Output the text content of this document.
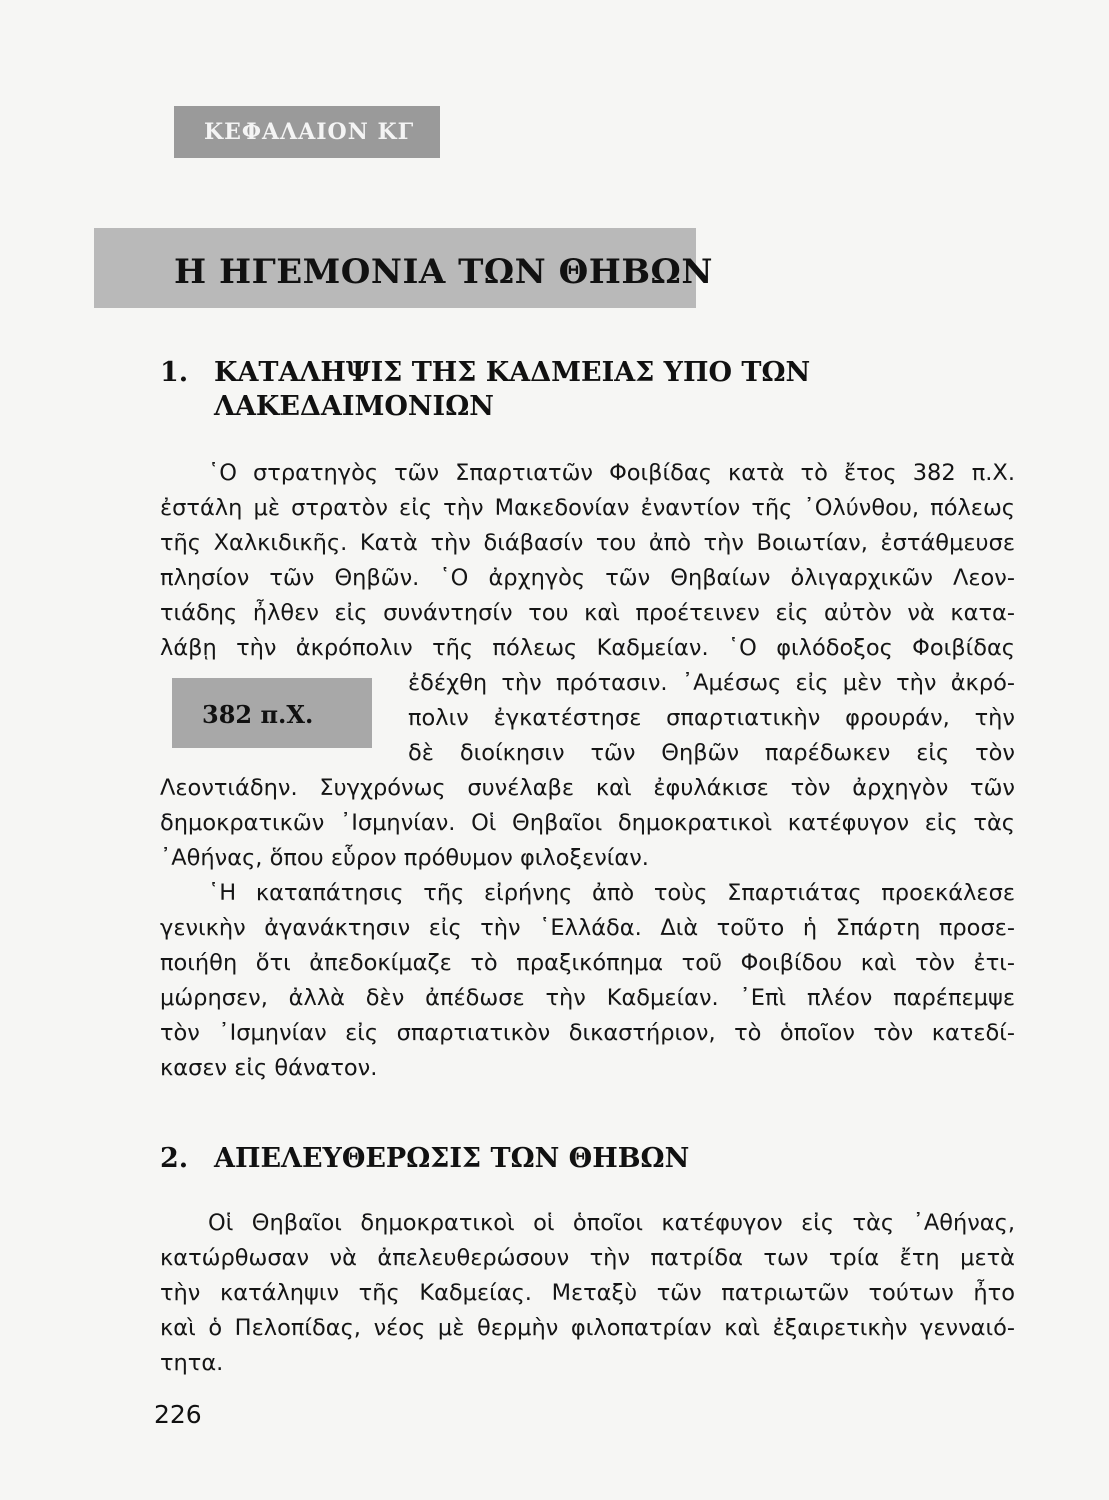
ΚΕΦΑΛΑΙΟΝ ΚΓ
Η ΗΓΕΜΟΝΙΑ ΤΩΝ ΘΗΒΩΝ
1. ΚΑΤΑΛΗΨΙΣ ΤΗΣ ΚΑΔΜΕΙΑΣ ΥΠΟ ΤΩΝ
ΛΑΚΕΔΑΙΜΟΝΙΩΝ
῾Ο στρατηγὸς τῶν Σπαρτιατῶν Φοιβίδας κατὰ τὸ ἔτος 382 π.Χ.
ἐστάλη μὲ στρατὸν εἰς τὴν Μακεδονίαν ἐναντίον τῆς ᾿Ολύνθου, πόλεως
τῆς Χαλκιδικῆς. Κατὰ τὴν διάβασίν του ἀπὸ τὴν Βοιωτίαν, ἐστάθμευσε
πλησίον τῶν Θηβῶν. ῾Ο ἀρχηγὸς τῶν Θηβαίων ὀλιγαρχικῶν Λεον-
τιάδης ἦλθεν εἰς συνάντησίν του καὶ προέτεινεν εἰς αὐτὸν νὰ κατα-
λάβῃ τὴν ἀκρόπολιν τῆς πόλεως Καδμείαν. ῾Ο φιλόδοξος Φοιβίδας
ἐδέχθη τὴν πρότασιν. ᾿Αμέσως εἰς μὲν τὴν ἀκρό-
πολιν ἐγκατέστησε σπαρτιατικὴν φρουράν, τὴν
δὲ διοίκησιν τῶν Θηβῶν παρέδωκεν εἰς τὸν
Λεοντιάδην. Συγχρόνως συνέλαβε καὶ ἐφυλάκισε τὸν ἀρχηγὸν τῶν
δημοκρατικῶν ᾿Ισμηνίαν. Οἱ Θηβαῖοι δημοκρατικοὶ κατέφυγον εἰς τὰς
᾿Αθήνας, ὅπου εὗρον πρόθυμον φιλοξενίαν.
382 π.Χ.
῾Η καταπάτησις τῆς εἰρήνης ἀπὸ τοὺς Σπαρτιάτας προεκάλεσε
γενικὴν ἀγανάκτησιν εἰς τὴν ῾Ελλάδα. Διὰ τοῦτο ἡ Σπάρτη προσε-
ποιήθη ὅτι ἀπεδοκίμαζε τὸ πραξικόπημα τοῦ Φοιβίδου καὶ τὸν ἐτι-
μώρησεν, ἀλλὰ δὲν ἀπέδωσε τὴν Καδμείαν. ᾿Επὶ πλέον παρέπεμψε
τὸν ᾿Ισμηνίαν εἰς σπαρτιατικὸν δικαστήριον, τὸ ὁποῖον τὸν κατεδί-
κασεν εἰς θάνατον.
2. ΑΠΕΛΕΥΘΕΡΩΣΙΣ ΤΩΝ ΘΗΒΩΝ
Οἱ Θηβαῖοι δημοκρατικοὶ οἱ ὁποῖοι κατέφυγον εἰς τὰς ᾿Αθήνας,
κατώρθωσαν νὰ ἀπελευθερώσουν τὴν πατρίδα των τρία ἔτη μετὰ
τὴν κατάληψιν τῆς Καδμείας. Μεταξὺ τῶν πατριωτῶν τούτων ἦτο
καὶ ὁ Πελοπίδας, νέος μὲ θερμὴν φιλοπατρίαν καὶ ἐξαιρετικὴν γενναιό-
τητα.
226
